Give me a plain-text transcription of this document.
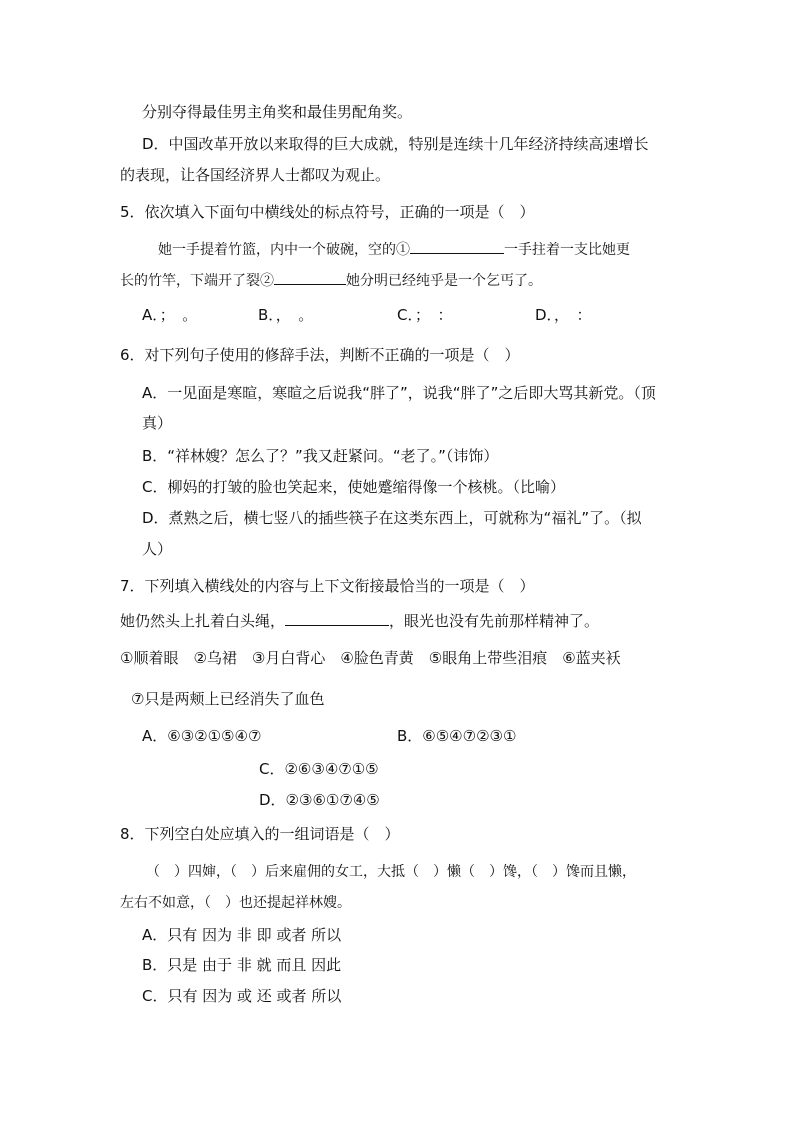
分别夺得最佳男主角奖和最佳男配角奖。
D．中国改革开放以来取得的巨大成就，特别是连续十几年经济持续高速增长
的表现，让各国经济界人士都叹为观止。
5．依次填入下面句中横线处的标点符号，正确的一项是（　）
她一手提着竹篮，内中一个破碗，空的①	一手拄着一支比她更
长的竹竿，下端开了裂②	她分明已经纯乎是一个乞丐了。
A．；　。	B．，　。	C．；　：	D．，　：
6．对下列句子使用的修辞手法，判断不正确的一项是（　）
A．一见面是寒暄，寒暄之后说我“胖了”，说我“胖了”之后即大骂其新党。（顶
真）
B．“祥林嫂？怎么了？”我又赶紧问。“老了。”（讳饰）
C．柳妈的打皱的脸也笑起来，使她蹙缩得像一个核桃。（比喻）
D．煮熟之后，横七竖八的插些筷子在这类东西上，可就称为“福礼”了。（拟
人）
7．下列填入横线处的内容与上下文衔接最恰当的一项是（　）
她仍然头上扎着白头绳，	，眼光也没有先前那样精神了。
①顺着眼　②乌裙　③月白背心　④脸色青黄　⑤眼角上带些泪痕　⑥蓝夹袄
⑦只是两颊上已经消失了血色
A．⑥③②①⑤④⑦	B．⑥⑤④⑦②③①
C．②⑥③④⑦①⑤
D．②③⑥①⑦④⑤
8．下列空白处应填入的一组词语是（　）
（　）四婶，（　）后来雇佣的女工，大抵（　）懒（　）馋，（　）馋而且懒，
左右不如意，（　）也还提起祥林嫂。
A．只有 因为 非 即 或者 所以
B．只是 由于 非 就 而且 因此
C．只有 因为 或 还 或者 所以
